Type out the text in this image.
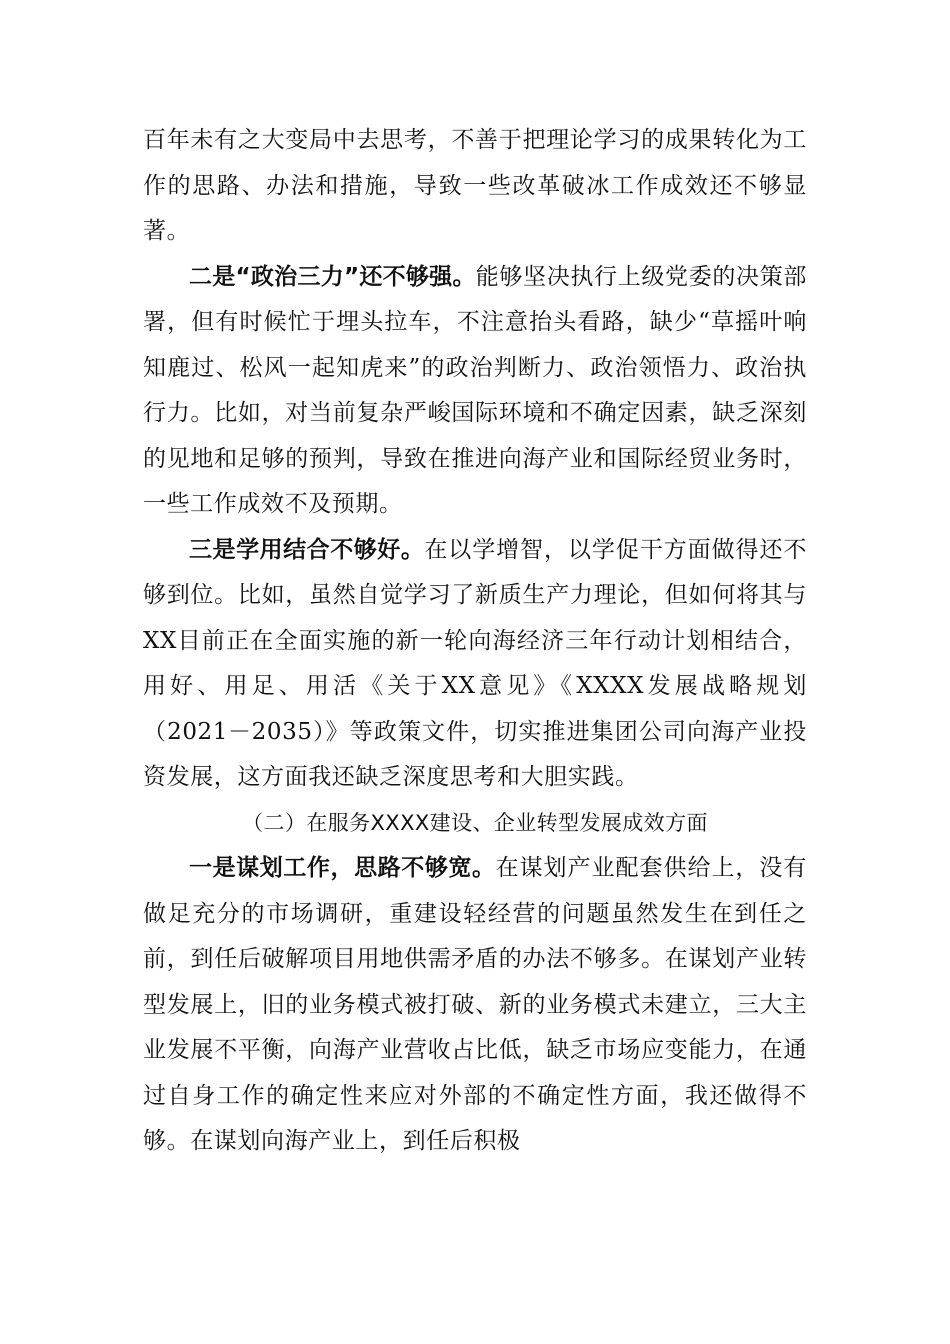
百年未有之大变局中去思考，不善于把理论学习的成果转化为工作的思路、办法和措施，导致一些改革破冰工作成效还不够显著。

二是“政治三力”还不够强。能够坚决执行上级党委的决策部署，但有时候忙于埋头拉车，不注意抬头看路，缺少“草摇叶响知鹿过、松风一起知虎来”的政治判断力、政治领悟力、政治执行力。比如，对当前复杂严峻国际环境和不确定因素，缺乏深刻的见地和足够的预判，导致在推进向海产业和国际经贸业务时，一些工作成效不及预期。

三是学用结合不够好。在以学增智，以学促干方面做得还不够到位。比如，虽然自觉学习了新质生产力理论，但如何将其与XX目前正在全面实施的新一轮向海经济三年行动计划相结合，用好、用足、用活《关于XX意见》《XXXX发展战略规划（2021－2035）》等政策文件，切实推进集团公司向海产业投资发展，这方面我还缺乏深度思考和大胆实践。

（二）在服务XXXX建设、企业转型发展成效方面

一是谋划工作，思路不够宽。在谋划产业配套供给上，没有做足充分的市场调研，重建设轻经营的问题虽然发生在到任之前，到任后破解项目用地供需矛盾的办法不够多。在谋划产业转型发展上，旧的业务模式被打破、新的业务模式未建立，三大主业发展不平衡，向海产业营收占比低，缺乏市场应变能力，在通过自身工作的确定性来应对外部的不确定性方面，我还做得不够。在谋划向海产业上，到任后积极
